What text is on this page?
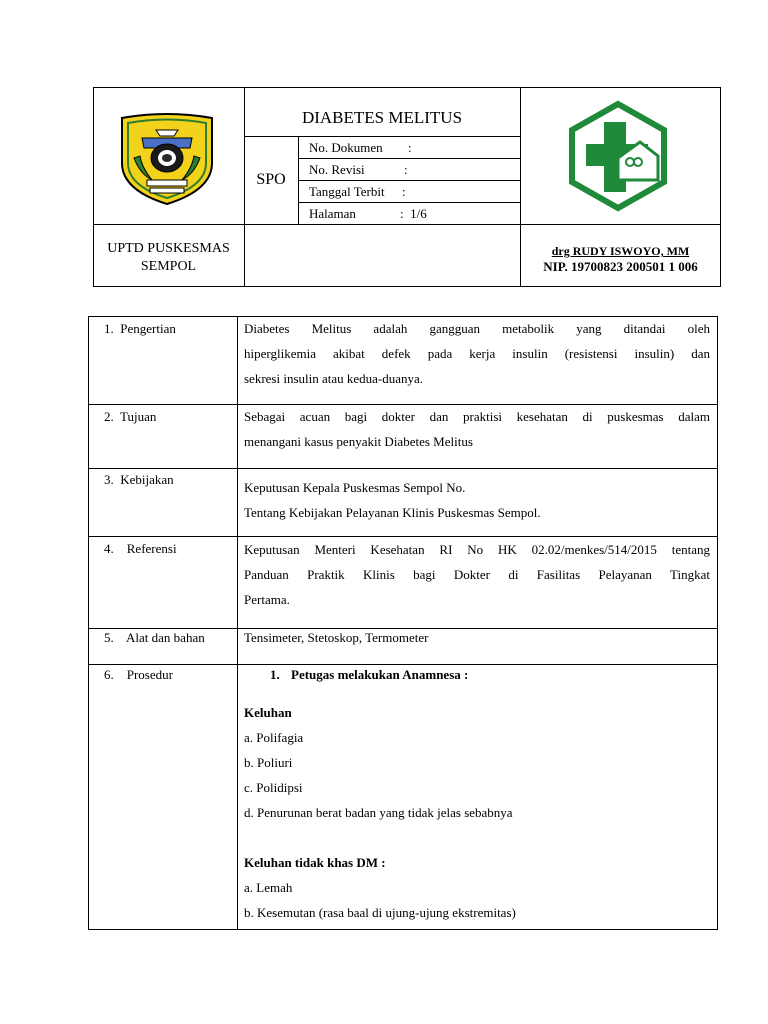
DIABETES MELITUS
SPO
No. Dokumen :
No. Revisi	:
Tanggal Terbit :
Halaman	:  1/6
UPTD PUSKESMAS
SEMPOL
drg RUDY ISWOYO, MM
NIP. 19700823 200501 1 006
1.  Pengertian	Diabetes Melitus adalah gangguan metabolik yang ditandai oleh
hiperglikemia akibat defek pada kerja insulin (resistensi insulin) dan
sekresi insulin atau kedua-duanya.
2.  Tujuan	Sebagai acuan bagi dokter dan praktisi kesehatan di puskesmas dalam
menangani kasus penyakit Diabetes Melitus
3.  Kebijakan
Keputusan Kepala Puskesmas Sempol No.
Tentang Kebijakan Pelayanan Klinis Puskesmas Sempol.
4.    Referensi	Keputusan Menteri Kesehatan RI No HK 02.02/menkes/514/2015 tentang
Panduan Praktik Klinis bagi Dokter di Fasilitas Pelayanan Tingkat
Pertama.
5.    Alat dan bahan	Tensimeter, Stetoskop, Termometer
6.    Prosedur	1. Petugas melakukan Anamnesa :
Keluhan
a. Polifagia
b. Poliuri
c. Polidipsi
d. Penurunan berat badan yang tidak jelas sebabnya
Keluhan tidak khas DM :
a. Lemah
b. Kesemutan (rasa baal di ujung-ujung ekstremitas)
